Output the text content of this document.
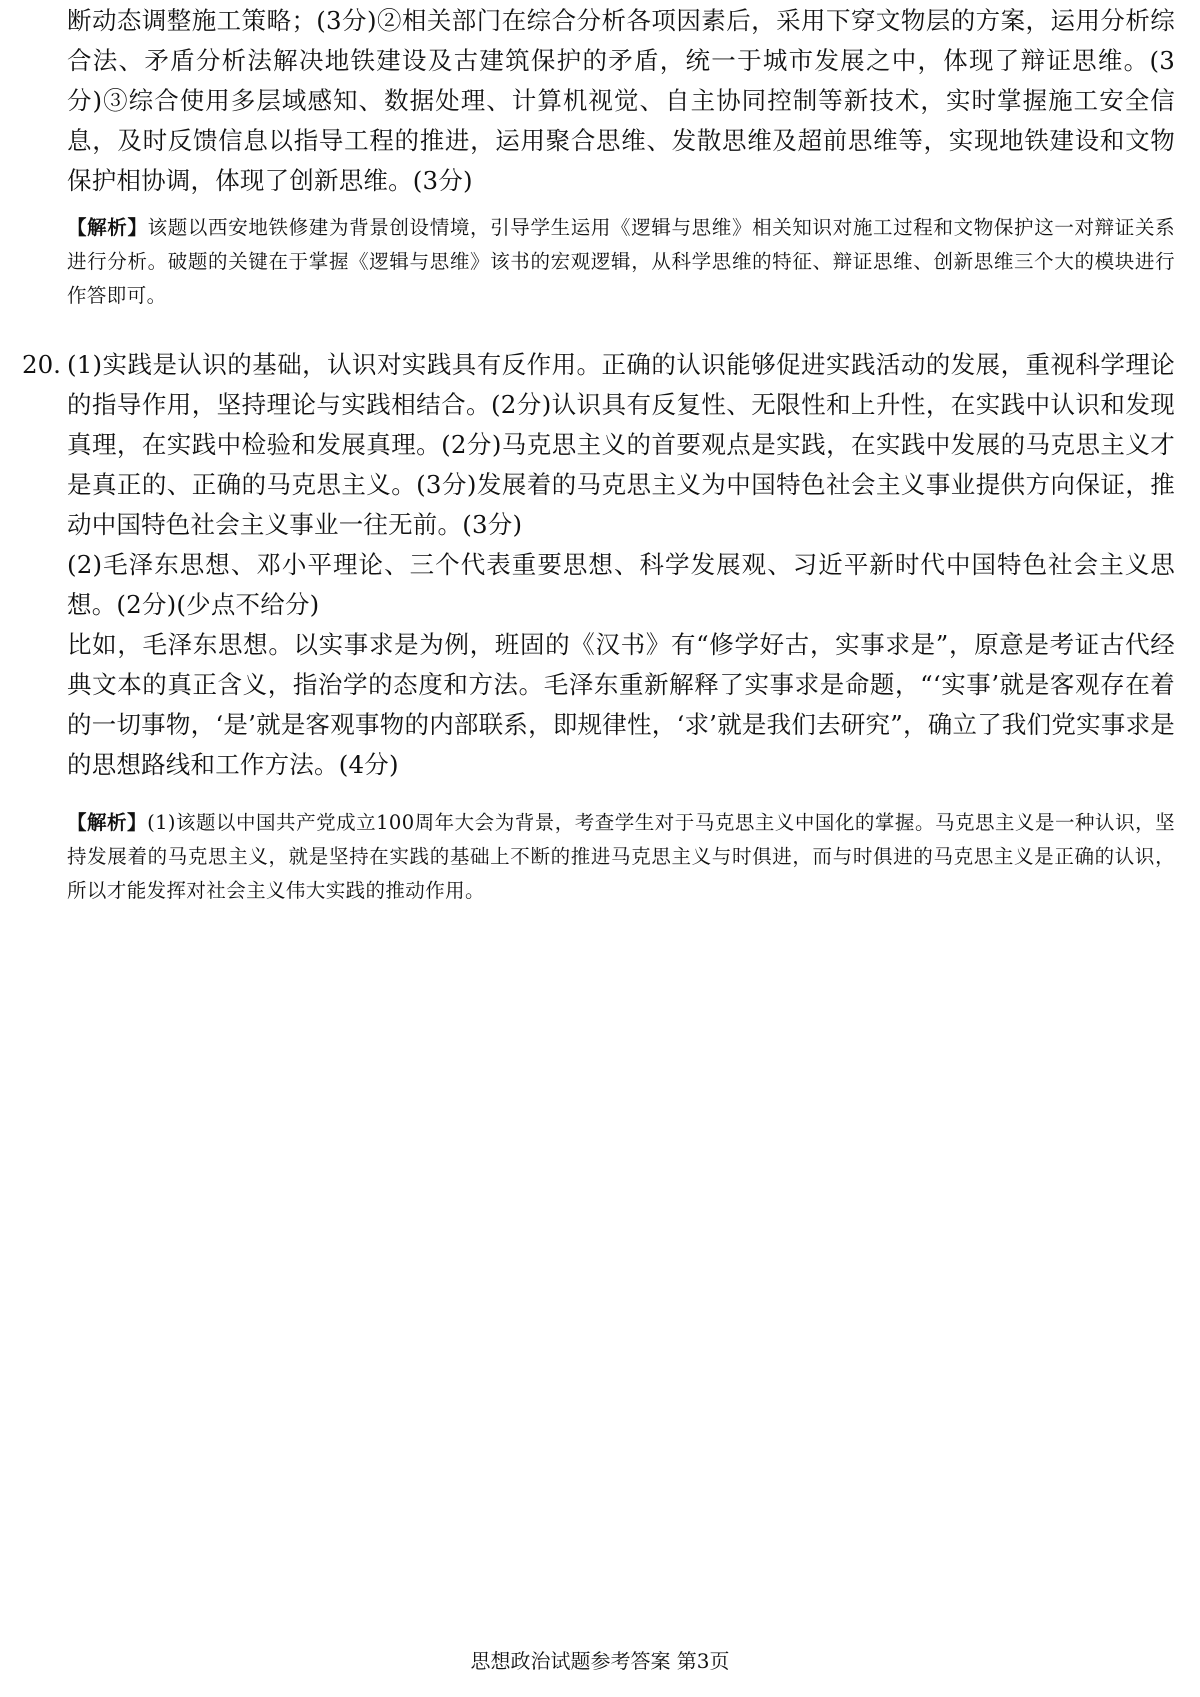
断动态调整施工策略；(3分)②相关部门在综合分析各项因素后，采用下穿文物层的方案，运用分析综合法、矛盾分析法解决地铁建设及古建筑保护的矛盾，统一于城市发展之中，体现了辩证思维。(3分)③综合使用多层域感知、数据处理、计算机视觉、自主协同控制等新技术，实时掌握施工安全信息，及时反馈信息以指导工程的推进，运用聚合思维、发散思维及超前思维等，实现地铁建设和文物保护相协调，体现了创新思维。(3分)

【解析】该题以西安地铁修建为背景创设情境，引导学生运用《逻辑与思维》相关知识对施工过程和文物保护这一对辩证关系进行分析。破题的关键在于掌握《逻辑与思维》该书的宏观逻辑，从科学思维的特征、辩证思维、创新思维三个大的模块进行作答即可。

20. (1)实践是认识的基础，认识对实践具有反作用。正确的认识能够促进实践活动的发展，重视科学理论的指导作用，坚持理论与实践相结合。(2分)认识具有反复性、无限性和上升性，在实践中认识和发现真理，在实践中检验和发展真理。(2分)马克思主义的首要观点是实践，在实践中发展的马克思主义才是真正的、正确的马克思主义。(3分)发展着的马克思主义为中国特色社会主义事业提供方向保证，推动中国特色社会主义事业一往无前。(3分)

(2)毛泽东思想、邓小平理论、三个代表重要思想、科学发展观、习近平新时代中国特色社会主义思想。(2分)(少点不给分)

比如，毛泽东思想。以实事求是为例，班固的《汉书》有“修学好古，实事求是”，原意是考证古代经典文本的真正含义，指治学的态度和方法。毛泽东重新解释了实事求是命题，“‘实事’就是客观存在着的一切事物，‘是’就是客观事物的内部联系，即规律性，‘求’就是我们去研究”，确立了我们党实事求是的思想路线和工作方法。(4分)

【解析】(1)该题以中国共产党成立100周年大会为背景，考查学生对于马克思主义中国化的掌握。马克思主义是一种认识，坚持发展着的马克思主义，就是坚持在实践的基础上不断的推进马克思主义与时俱进，而与时俱进的马克思主义是正确的认识，所以才能发挥对社会主义伟大实践的推动作用。

思想政治试题参考答案 第3页
